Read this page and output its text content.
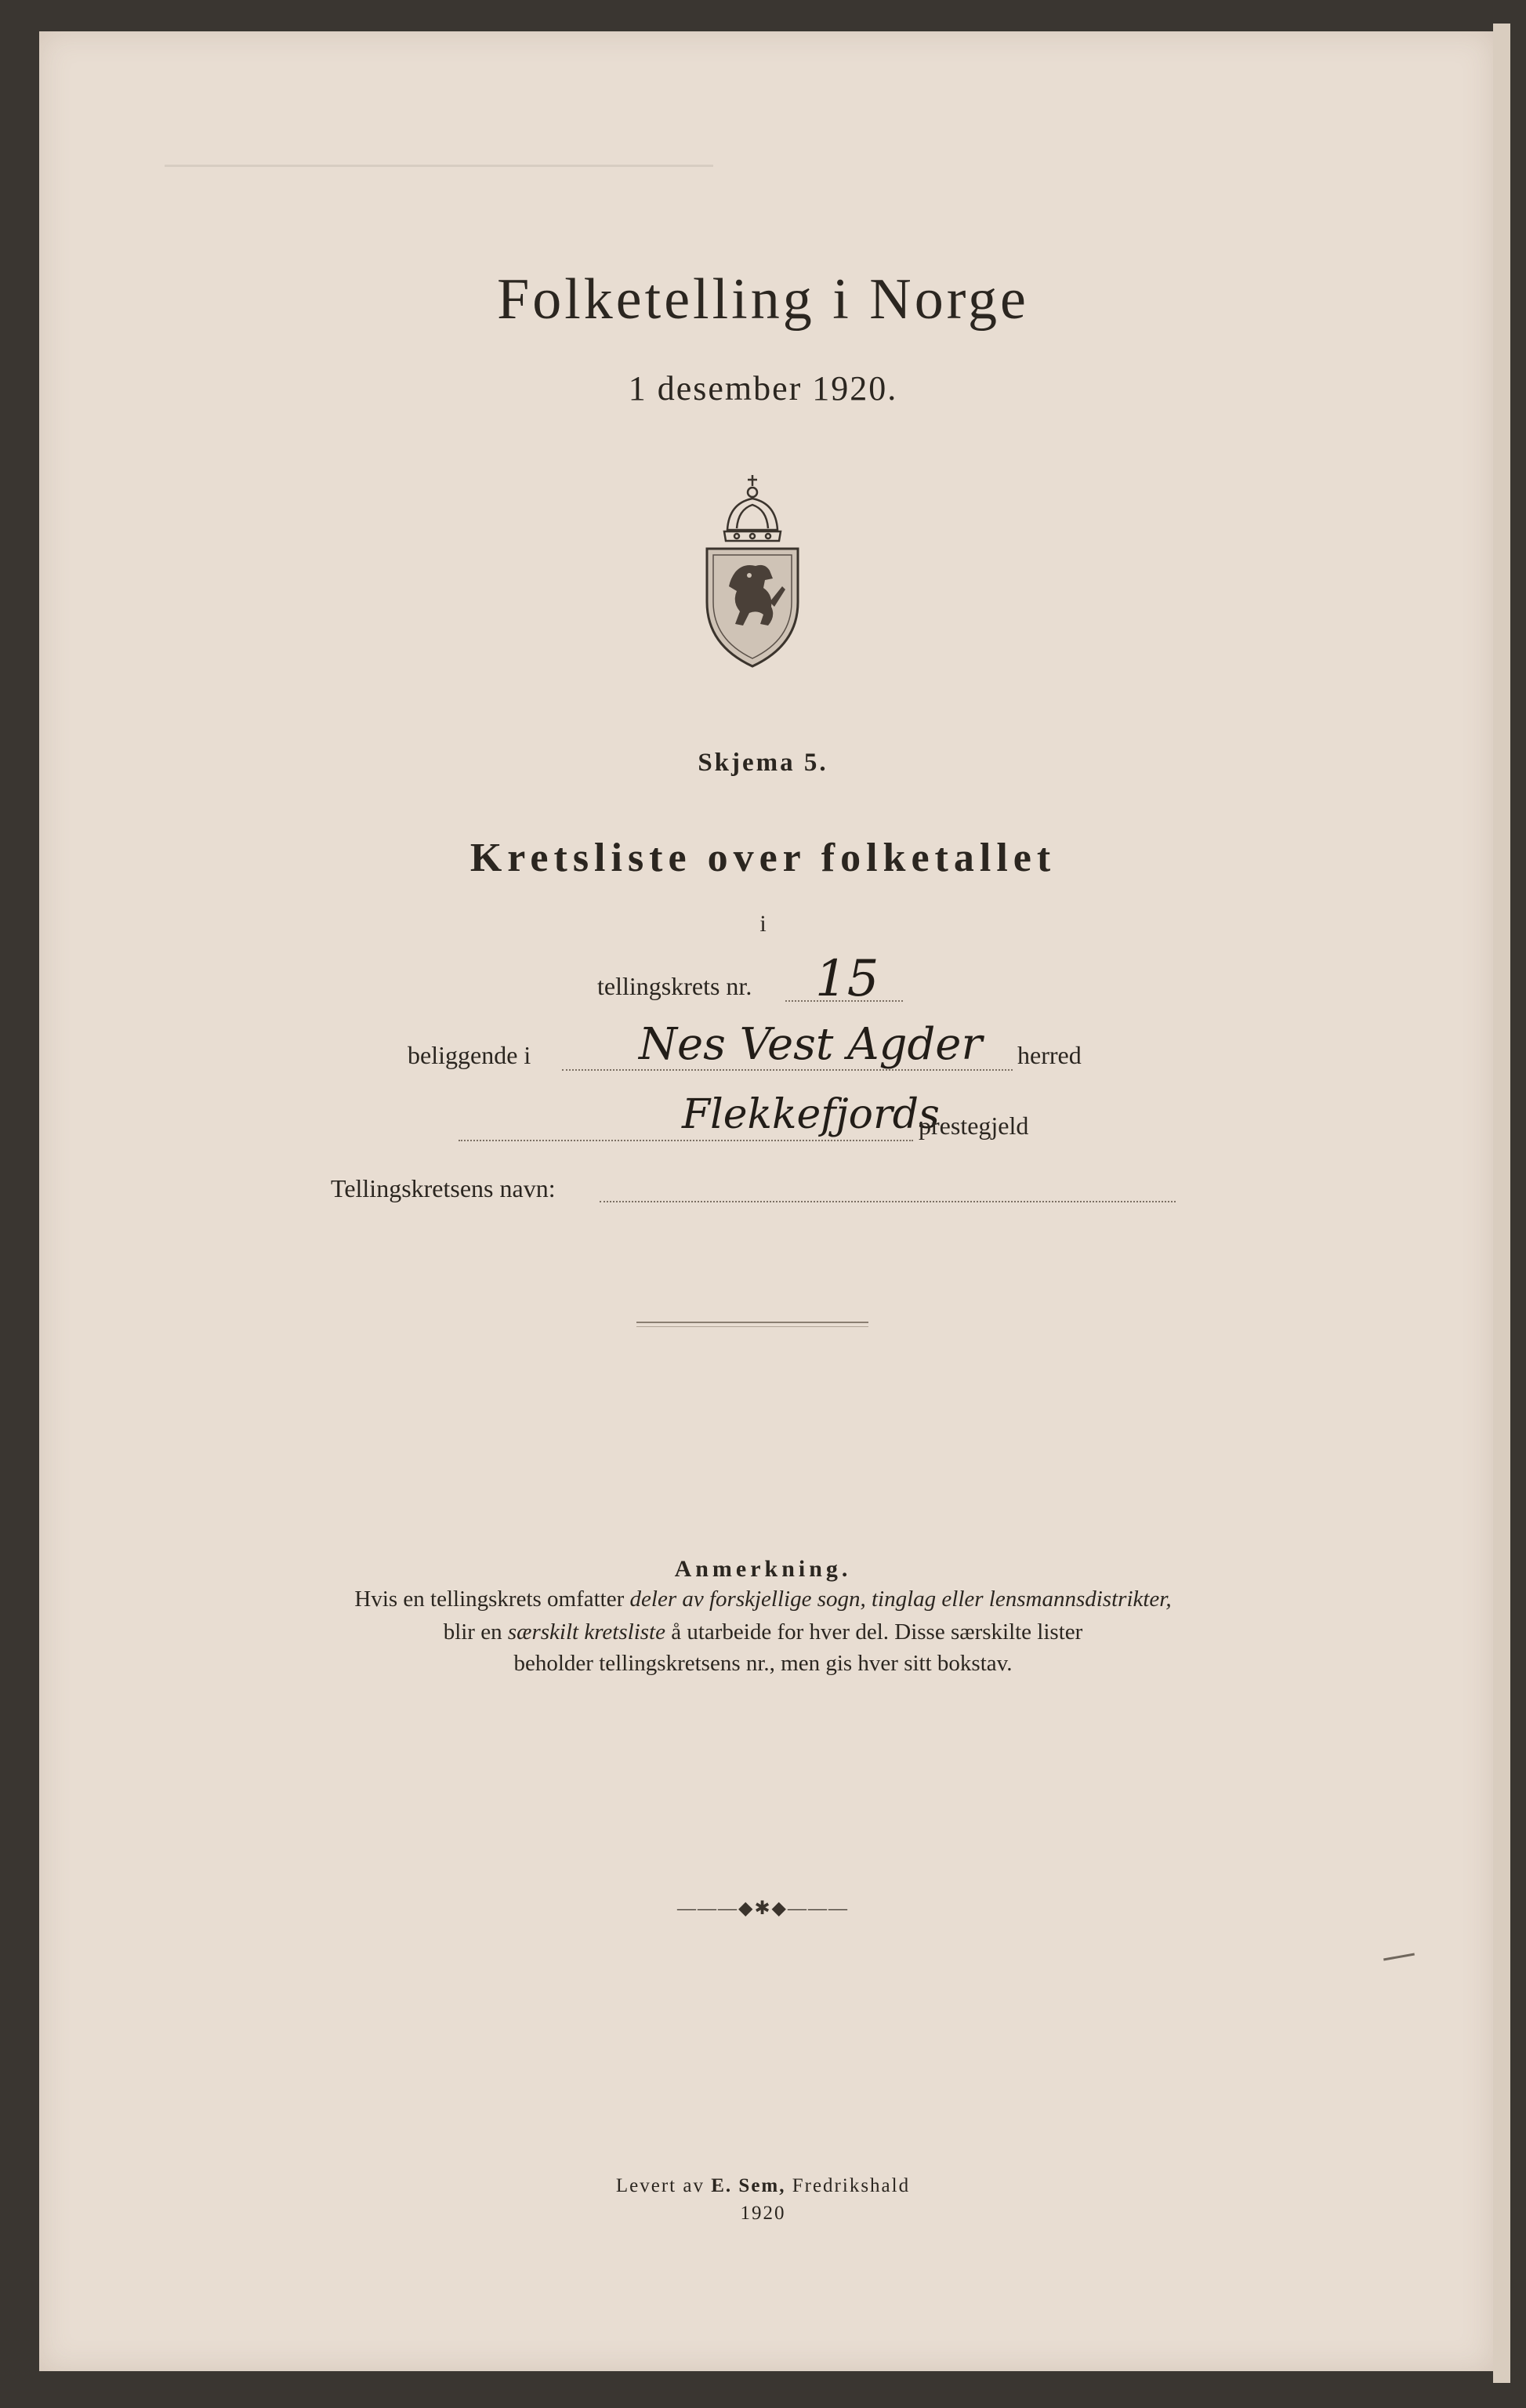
Folketelling i Norge
1 desember 1920.
Skjema 5.
Kretsliste over folketallet
i
tellingskrets nr. 15
beliggende i Nes Vest Agder herred
Flekkefjords
prestegjeld
Tellingskretsens navn:
Anmerkning.
Hvis en tellingskrets omfatter deler av forskjellige sogn, tinglag eller lensmannsdistrikter,
blir en særskilt kretsliste å utarbeide for hver del. Disse særskilte lister
beholder tellingskretsens nr., men gis hver sitt bokstav.
———◆✱◆———
Levert av E. Sem, Fredrikshald
1920
